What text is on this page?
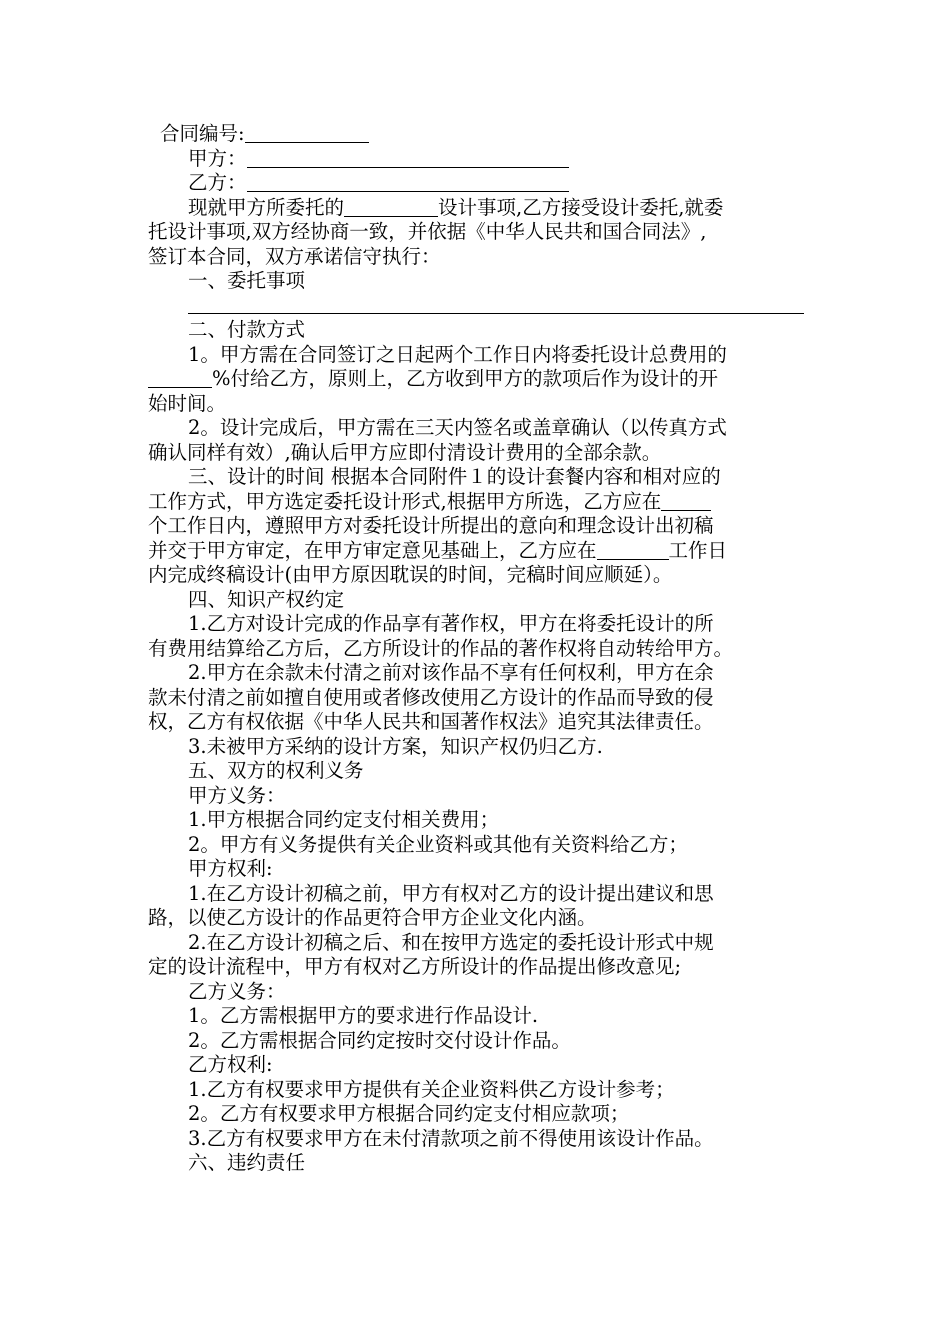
合同编号:

甲方：

乙方：

现就甲方所委托的	设计事项,乙方接受设计委托,就委

托设计事项,双方经协商一致，并依据《中华人民共和国合同法》,

签订本合同，双方承诺信守执行：

一、委托事项

二、付款方式

1。甲方需在合同签订之日起两个工作日内将委托设计总费用的

%付给乙方，原则上，乙方收到甲方的款项后作为设计的开

始时间。

2。设计完成后，甲方需在三天内签名或盖章确认（以传真方式

确认同样有效）,确认后甲方应即付清设计费用的全部余款。

三、设计的时间 根据本合同附件１的设计套餐内容和相对应的

工作方式，甲方选定委托设计形式,根据甲方所选，乙方应在

个工作日内，遵照甲方对委托设计所提出的意向和理念设计出初稿

并交于甲方审定，在甲方审定意见基础上，乙方应在	工作日

内完成终稿设计(由甲方原因耽误的时间，完稿时间应顺延）。

四、知识产权约定

1.乙方对设计完成的作品享有著作权，甲方在将委托设计的所

有费用结算给乙方后，乙方所设计的作品的著作权将自动转给甲方。

2.甲方在余款未付清之前对该作品不享有任何权利，甲方在余

款未付清之前如擅自使用或者修改使用乙方设计的作品而导致的侵

权，乙方有权依据《中华人民共和国著作权法》追究其法律责任。

3.未被甲方采纳的设计方案，知识产权仍归乙方.

五、双方的权利义务

甲方义务：

1.甲方根据合同约定支付相关费用；

2。甲方有义务提供有关企业资料或其他有关资料给乙方；

甲方权利:

1.在乙方设计初稿之前，甲方有权对乙方的设计提出建议和思

路，以使乙方设计的作品更符合甲方企业文化内涵。

2.在乙方设计初稿之后、和在按甲方选定的委托设计形式中规

定的设计流程中，甲方有权对乙方所设计的作品提出修改意见;

乙方义务：

1。乙方需根据甲方的要求进行作品设计.

2。乙方需根据合同约定按时交付设计作品。

乙方权利:

1.乙方有权要求甲方提供有关企业资料供乙方设计参考；

2。乙方有权要求甲方根据合同约定支付相应款项；

3.乙方有权要求甲方在未付清款项之前不得使用该设计作品。

六、违约责任
